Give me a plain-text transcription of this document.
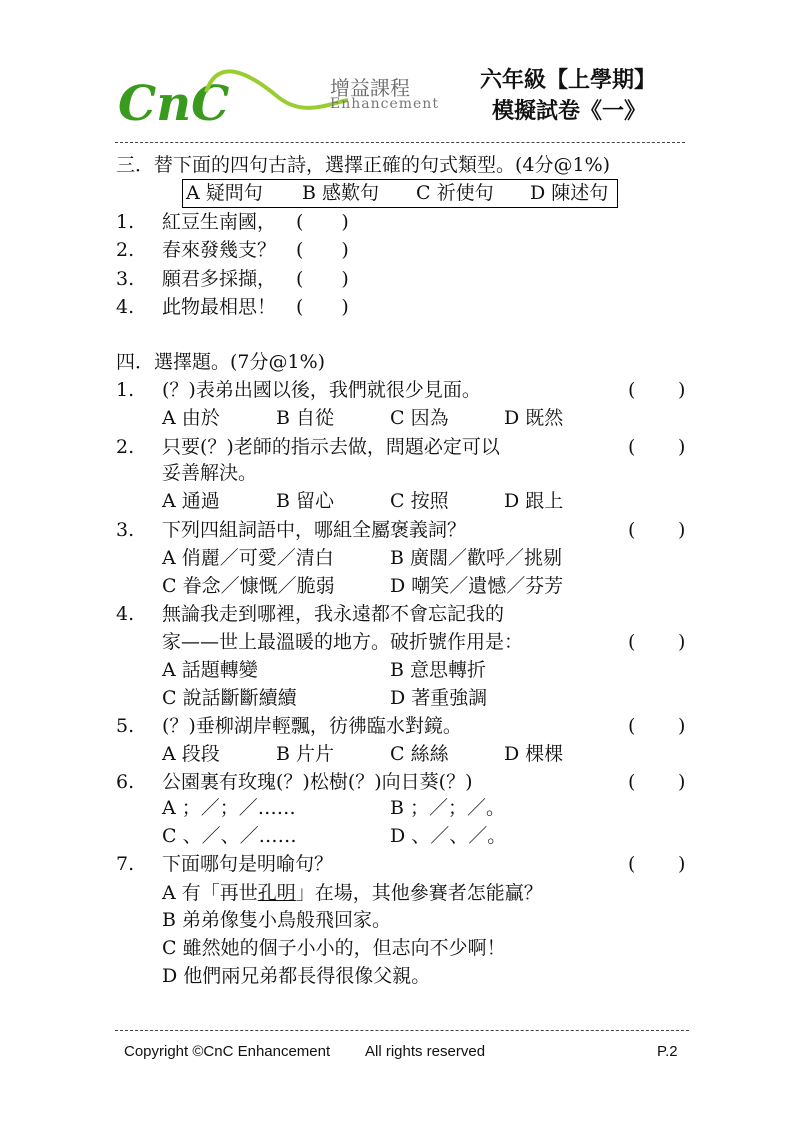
CnC	增益課程
Enhancement
六年級【上學期】
模擬試卷《一》
三．替下面的四句古詩，選擇正確的句式類型。(4分@1%)
A 疑問句 B 感歎句 C 祈使句 D 陳述句
1. 紅豆生南國， (　　)
2. 春來發幾支？ (　　)
3. 願君多採擷， (　　)
4. 此物最相思！ (　　)
四．選擇題。(7分@1%)
1. (？)表弟出國以後，我們就很少見面。	( )
A 由於	B 自從	C 因為	D 既然
2. 只要(？)老師的指示去做，問題必定可以	( )
妥善解決。
A 通過	B 留心	C 按照	D 跟上
3. 下列四組詞語中，哪組全屬褒義詞？	( )
A 俏麗／可愛／清白	B 廣闊／歡呼／挑剔
C 眷念／慷慨／脆弱	D 嘲笑／遺憾／芬芳
4. 無論我走到哪裡，我永遠都不會忘記我的
家——世上最溫暖的地方。破折號作用是：	( )
A 話題轉變	B 意思轉折
C 說話斷斷續續	D 著重強調
5. (？)垂柳湖岸輕飄，彷彿臨水對鏡。	( )
A 段段	B 片片	C 絲絲	D 棵棵
6. 公園裏有玫瑰(？)松樹(？)向日葵(？)	( )
A ；／；／……	B ；／；／。
C 、／、／……	D 、／、／。
7. 下面哪句是明喻句？	( )
A 有「再世孔明」在場，其他參賽者怎能贏？
B 弟弟像隻小鳥般飛回家。
C 雖然她的個子小小的，但志向不少啊！
D 他們兩兄弟都長得很像父親。
Copyright ©CnC Enhancement All rights reserved	P.2
